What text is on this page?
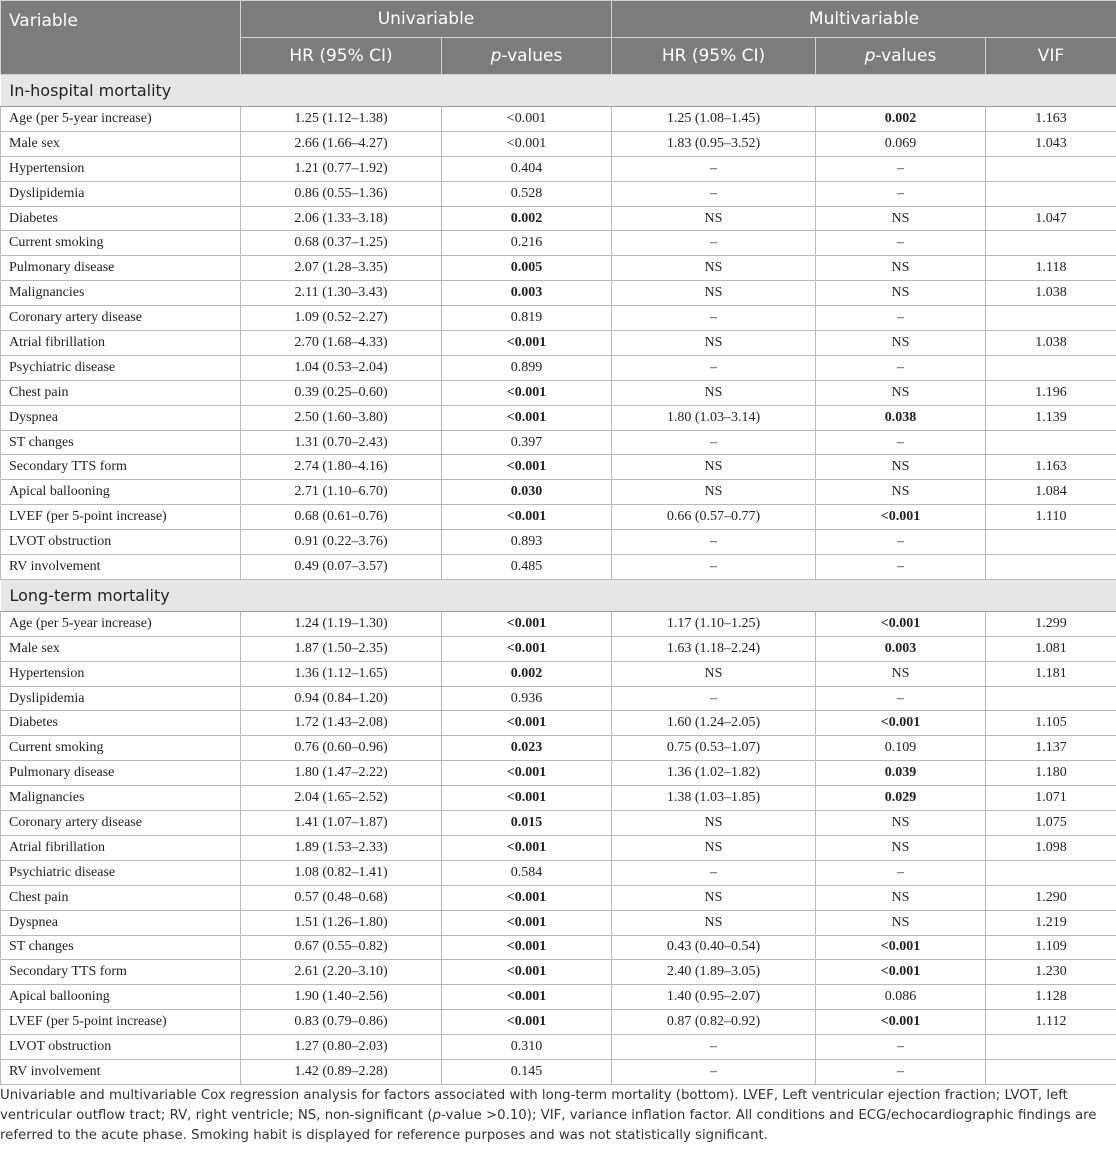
Variable	Univariable		Multivariable		
	HR (95% CI)	p-values	HR (95% CI)	p-values	VIF
In-hospital mortality					
Age (per 5-year increase)	1.25 (1.12–1.38)	<0.001	1.25 (1.08–1.45)	0.002	1.163
Male sex	2.66 (1.66–4.27)	<0.001	1.83 (0.95–3.52)	0.069	1.043
Hypertension	1.21 (0.77–1.92)	0.404	–	–	
Dyslipidemia	0.86 (0.55–1.36)	0.528	–	–	
Diabetes	2.06 (1.33–3.18)	0.002	NS	NS	1.047
Current smoking	0.68 (0.37–1.25)	0.216	–	–	
Pulmonary disease	2.07 (1.28–3.35)	0.005	NS	NS	1.118
Malignancies	2.11 (1.30–3.43)	0.003	NS	NS	1.038
Coronary artery disease	1.09 (0.52–2.27)	0.819	–	–	
Atrial fibrillation	2.70 (1.68–4.33)	<0.001	NS	NS	1.038
Psychiatric disease	1.04 (0.53–2.04)	0.899	–	–	
Chest pain	0.39 (0.25–0.60)	<0.001	NS	NS	1.196
Dyspnea	2.50 (1.60–3.80)	<0.001	1.80 (1.03–3.14)	0.038	1.139
ST changes	1.31 (0.70–2.43)	0.397	–	–	
Secondary TTS form	2.74 (1.80–4.16)	<0.001	NS	NS	1.163
Apical ballooning	2.71 (1.10–6.70)	0.030	NS	NS	1.084
LVEF (per 5-point increase)	0.68 (0.61–0.76)	<0.001	0.66 (0.57–0.77)	<0.001	1.110
LVOT obstruction	0.91 (0.22–3.76)	0.893	–	–	
RV involvement	0.49 (0.07–3.57)	0.485	–	–	
Long-term mortality					
Age (per 5-year increase)	1.24 (1.19–1.30)	<0.001	1.17 (1.10–1.25)	<0.001	1.299
Male sex	1.87 (1.50–2.35)	<0.001	1.63 (1.18–2.24)	0.003	1.081
Hypertension	1.36 (1.12–1.65)	0.002	NS	NS	1.181
Dyslipidemia	0.94 (0.84–1.20)	0.936	–	–	
Diabetes	1.72 (1.43–2.08)	<0.001	1.60 (1.24–2.05)	<0.001	1.105
Current smoking	0.76 (0.60–0.96)	0.023	0.75 (0.53–1.07)	0.109	1.137
Pulmonary disease	1.80 (1.47–2.22)	<0.001	1.36 (1.02–1.82)	0.039	1.180
Malignancies	2.04 (1.65–2.52)	<0.001	1.38 (1.03–1.85)	0.029	1.071
Coronary artery disease	1.41 (1.07–1.87)	0.015	NS	NS	1.075
Atrial fibrillation	1.89 (1.53–2.33)	<0.001	NS	NS	1.098
Psychiatric disease	1.08 (0.82–1.41)	0.584	–	–	
Chest pain	0.57 (0.48–0.68)	<0.001	NS	NS	1.290
Dyspnea	1.51 (1.26–1.80)	<0.001	NS	NS	1.219
ST changes	0.67 (0.55–0.82)	<0.001	0.43 (0.40–0.54)	<0.001	1.109
Secondary TTS form	2.61 (2.20–3.10)	<0.001	2.40 (1.89–3.05)	<0.001	1.230
Apical ballooning	1.90 (1.40–2.56)	<0.001	1.40 (0.95–2.07)	0.086	1.128
LVEF (per 5-point increase)	0.83 (0.79–0.86)	<0.001	0.87 (0.82–0.92)	<0.001	1.112
LVOT obstruction	1.27 (0.80–2.03)	0.310	–	–	
RV involvement	1.42 (0.89–2.28)	0.145	–	–	
Univariable and multivariable Cox regression analysis for factors associated with long-term mortality (bottom). LVEF, Left ventricular ejection fraction; LVOT, left ventricular outflow tract; RV, right ventricle; NS, non-significant (p-value >0.10); VIF, variance inflation factor. All conditions and ECG/echocardiographic findings are referred to the acute phase. Smoking habit is displayed for reference purposes and was not statistically significant.
